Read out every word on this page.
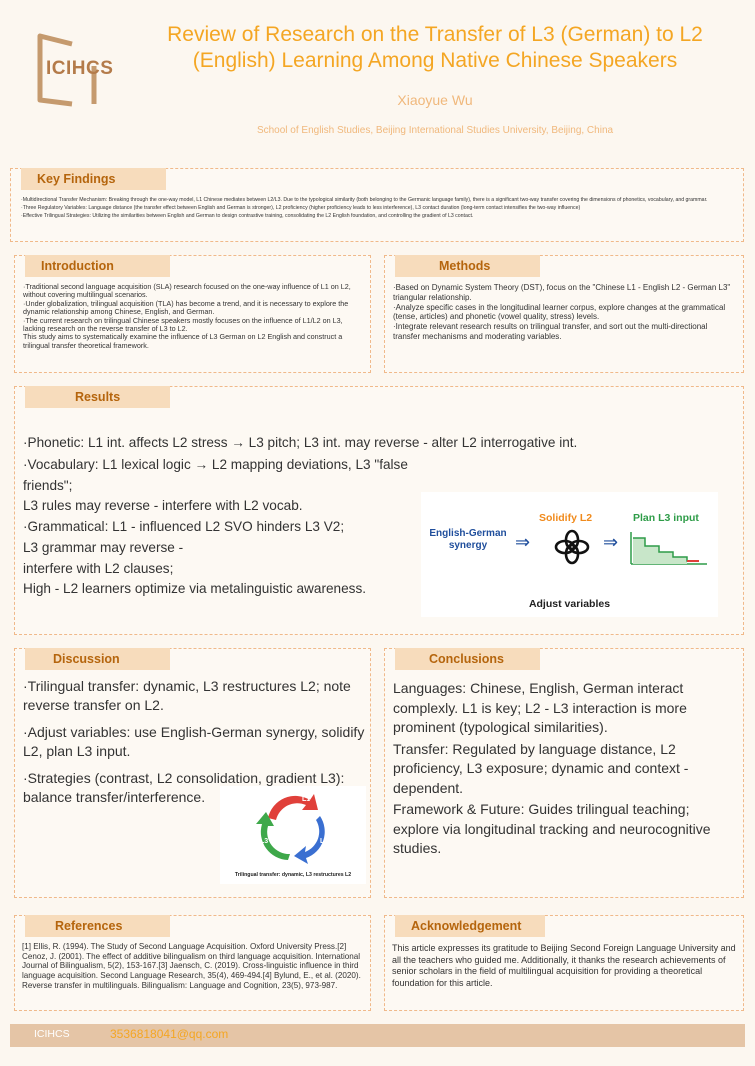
ICIHCS
Review of Research on the Transfer of L3 (German) to L2 (English) Learning Among Native Chinese Speakers
Xiaoyue Wu
School of English Studies, Beijing International Studies University, Beijing, China
Key Findings
·Multidirectional Transfer Mechanism: Breaking through the one-way model, L1 Chinese mediates between L2/L3. Due to the typological similarity (both belonging to the Germanic language family), there is a significant two-way transfer covering the dimensions of phonetics, vocabulary, and grammar.
·Three Regulatory Variables: Language distance (the transfer effect between English and German is stronger), L2 proficiency (higher proficiency leads to less interference), L3 contact duration (long-term contact intensifies the two-way influence)
·Effective Trilingual Strategies: Utilizing the similarities between English and German to design contrastive training, consolidating the L2 English foundation, and controlling the gradient of L3 contact.
Introduction
·Traditional second language acquisition (SLA) research focused on the one-way influence of L1 on L2, without covering multilingual scenarios.
·Under globalization, trilingual acquisition (TLA) has become a trend, and it is necessary to explore the dynamic relationship among Chinese, English, and German.
·The current research on trilingual Chinese speakers mostly focuses on the influence of L1/L2 on L3, lacking research on the reverse transfer of L3 to L2.
This study aims to systematically examine the influence of L3 German on L2 English and construct a trilingual transfer theoretical framework.
Methods
·Based on Dynamic System Theory (DST), focus on the "Chinese L1 - English L2 - German L3" triangular relationship.
·Analyze specific cases in the longitudinal learner corpus, explore changes at the grammatical (tense, articles) and phonetic (vowel quality, stress) levels.
·Integrate relevant research results on trilingual transfer, and sort out the multi-directional transfer mechanisms and moderating variables.
Results
·Phonetic: L1 int. affects L2 stress → L3 pitch; L3 int. may reverse - alter L2 interrogative int.
·Vocabulary: L1 lexical logic → L2 mapping deviations, L3 "false friends";
L3 rules may reverse - interfere with L2 vocab.
·Grammatical: L1 - influenced L2 SVO hinders L3 V2;
L3 grammar may reverse -
interfere with L2 clauses;
High - L2 learners optimize via metalinguistic awareness.
English-German synergy	⇒
Solidify L2
⇒
Plan L3 input
Adjust variables
Discussion
·Trilingual transfer: dynamic, L3 restructures L2; note reverse transfer on L2.
·Adjust variables: use English-German synergy, solidify L2, plan L3 input.
·Strategies (contrast, L2 consolidation, gradient L3): balance transfer/interference.	L1
L2
L3
Trilingual transfer: dynamic, L3 restructures L2
Conclusions
Languages: Chinese, English, German interact complexly. L1 is key; L2 - L3 interaction is more prominent (typological similarities).
Transfer: Regulated by language distance, L2 proficiency, L3 exposure; dynamic and context - dependent.
Framework & Future: Guides trilingual teaching; explore via longitudinal tracking and neurocognitive studies.
References
[1] Ellis, R. (1994). The Study of Second Language Acquisition. Oxford University Press.[2] Cenoz, J. (2001). The effect of additive bilingualism on third language acquisition. International Journal of Bilingualism, 5(2), 153-167.[3] Jaensch, C. (2019). Cross-linguistic influence in third language acquisition. Second Language Research, 35(4), 469-494.[4] Bylund, E., et al. (2020). Reverse transfer in multilinguals. Bilingualism: Language and Cognition, 23(5), 973-987.
Acknowledgement
This article expresses its gratitude to Beijing Second Foreign Language University and all the teachers who guided me. Additionally, it thanks the research achievements of senior scholars in the field of multilingual acquisition for providing a theoretical foundation for this article.
ICIHCS	3536818041@qq.com
